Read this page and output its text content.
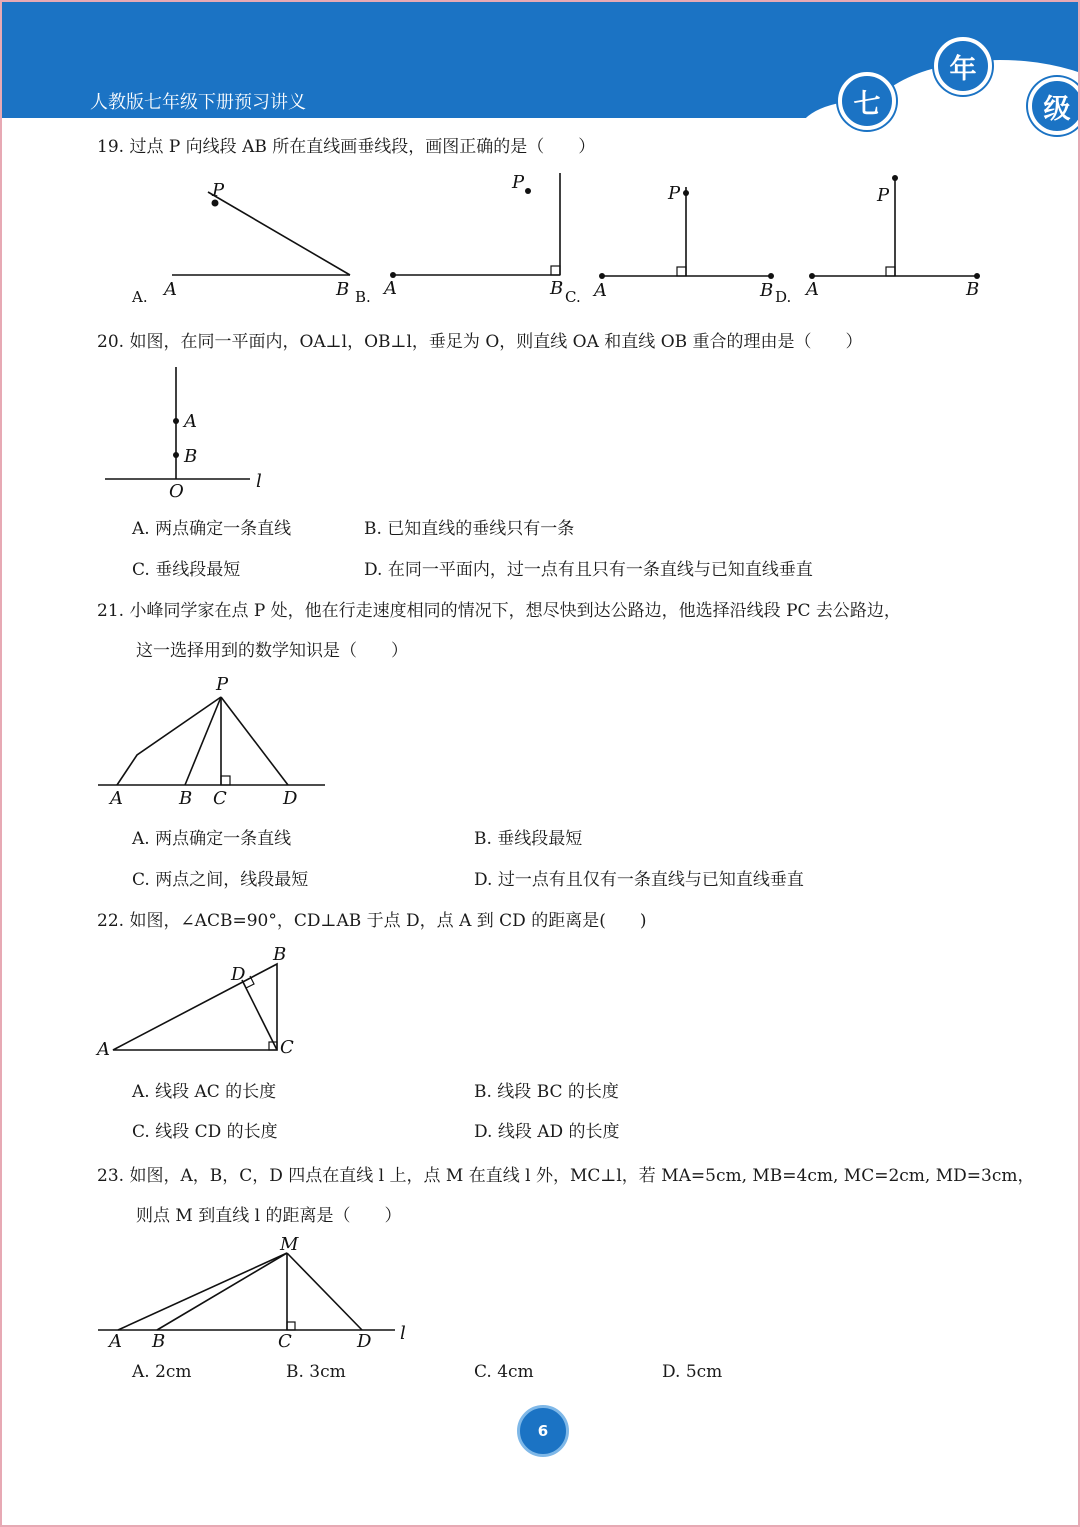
人教版七年级下册预习讲义	七
年
级
19. 过点 P 向线段 AB 所在直线画垂线段，画图正确的是（　　）
A.
P
A	B B.
P
A	B C.
P
A	B D.
P
A	B
20. 如图，在同一平面内，OA⊥l，OB⊥l，垂足为 O，则直线 OA 和直线 OB 重合的理由是（　　）
A
B
O	l
A. 两点确定一条直线	B. 已知直线的垂线只有一条
C. 垂线段最短	D. 在同一平面内，过一点有且只有一条直线与已知直线垂直
21. 小峰同学家在点 P 处，他在行走速度相同的情况下，想尽快到达公路边，他选择沿线段 PC 去公路边，
这一选择用到的数学知识是（　　）
P
A	B C	D
A. 两点确定一条直线	B. 垂线段最短
C. 两点之间，线段最短	D. 过一点有且仅有一条直线与已知直线垂直
22. 如图，∠ACB=90°，CD⊥AB 于点 D，点 A 到 CD 的距离是(　　)
A
B
C
D
A. 线段 AC 的长度	B. 线段 BC 的长度
C. 线段 CD 的长度	D. 线段 AD 的长度
23. 如图，A，B，C，D 四点在直线 l 上，点 M 在直线 l 外，MC⊥l，若 MA=5cm, MB=4cm, MC=2cm, MD=3cm，
则点 M 到直线 l 的距离是（　　）
M
A B	C	D l
A. 2cm	B. 3cm	C. 4cm	D. 5cm
6
